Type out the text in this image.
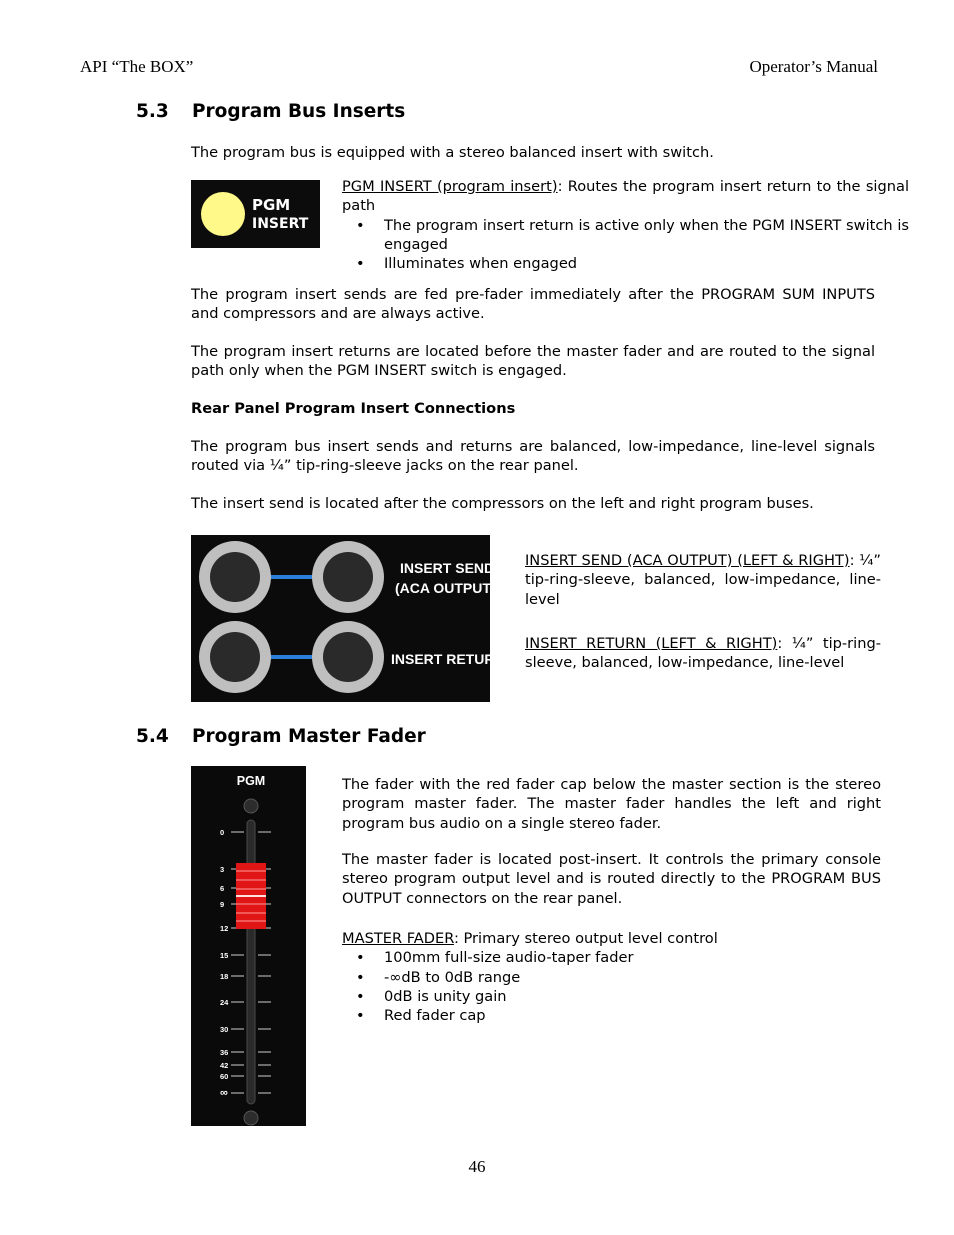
API “The BOX”	Operator’s Manual
5.3 Program Bus Inserts
The program bus is equipped with a stereo balanced insert with switch.
PGM
INSERT
PGM INSERT (program insert): Routes the program insert return to the signal path
• The program insert return is active only when the PGM INSERT switch is engaged
• Illuminates when engaged
The program insert sends are fed pre-fader immediately after the PROGRAM SUM INPUTS and compressors and are always active.
The program insert returns are located before the master fader and are routed to the signal path only when the PGM INSERT switch is engaged.
Rear Panel Program Insert Connections
The program bus insert sends and returns are balanced, low-impedance, line-level signals routed via ¼” tip-ring-sleeve jacks on the rear panel.
The insert send is located after the compressors on the left and right program buses.
INSERT SEND
(ACA OUTPUT)
INSERT RETURN
INSERT SEND (ACA OUTPUT) (LEFT & RIGHT): ¼” tip-ring-sleeve, balanced, low-impedance, line-level
INSERT RETURN (LEFT & RIGHT): ¼” tip-ring-sleeve, balanced, low-impedance, line-level
5.4 Program Master Fader
PGM
0
3
6
9
12
15
18
24
30
36
42
60
∞
The fader with the red fader cap below the master section is the stereo program master fader. The master fader handles the left and right program bus audio on a single stereo fader.
The master fader is located post-insert. It controls the primary console stereo program output level and is routed directly to the PROGRAM BUS OUTPUT connectors on the rear panel.
MASTER FADER: Primary stereo output level control
• 100mm full-size audio-taper fader
• -∞dB to 0dB range
• 0dB is unity gain
• Red fader cap
46
